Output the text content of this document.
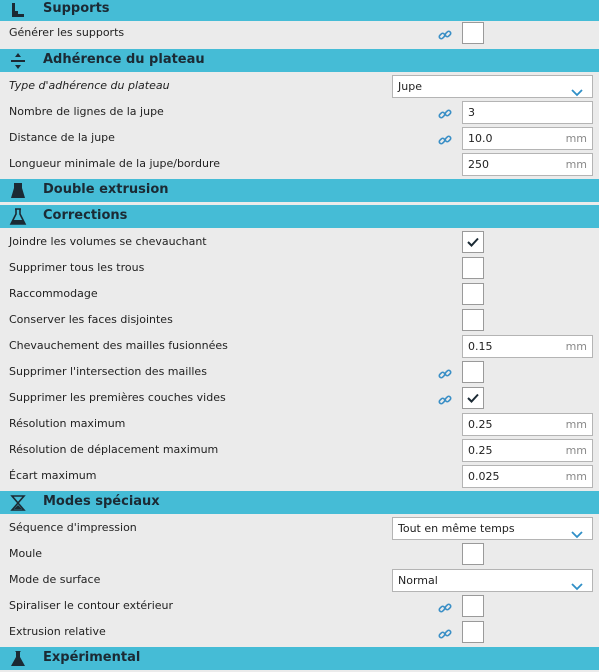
Supports
Générer les supports
Adhérence du plateau
Type d'adhérence du plateau	Jupe
Nombre de lignes de la jupe	3
Distance de la jupe	10.0	mm
Longueur minimale de la jupe/bordure	250	mm
Double extrusion
Corrections
Joindre les volumes se chevauchant
Supprimer tous les trous
Raccommodage
Conserver les faces disjointes
Chevauchement des mailles fusionnées	0.15	mm
Supprimer l'intersection des mailles
Supprimer les premières couches vides
Résolution maximum	0.25	mm
Résolution de déplacement maximum	0.25	mm
Écart maximum	0.025	mm
Modes spéciaux
Séquence d'impression	Tout en même temps
Moule
Mode de surface	Normal
Spiraliser le contour extérieur
Extrusion relative
Expérimental
